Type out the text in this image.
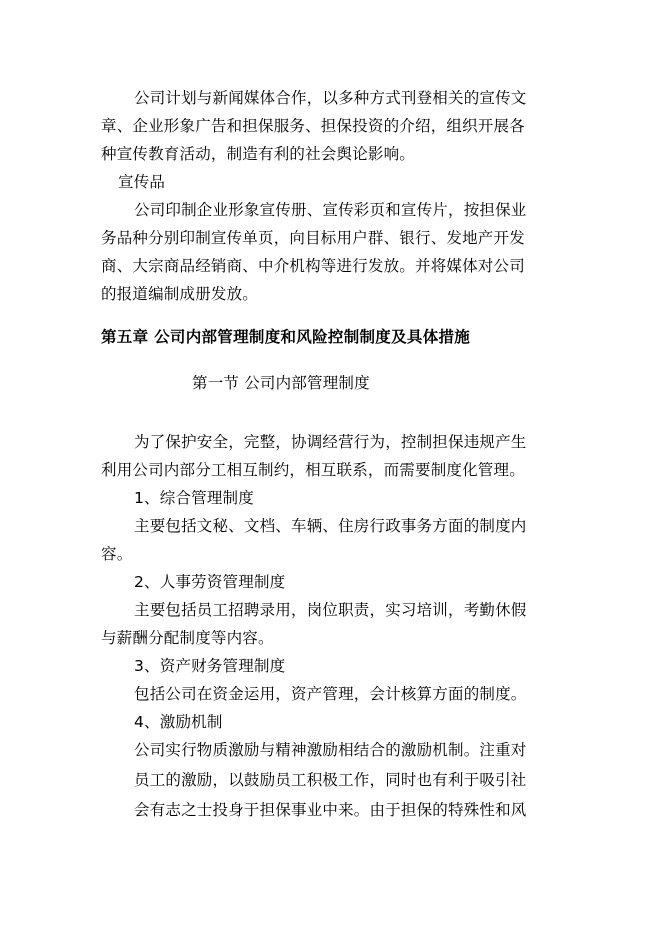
公司计划与新闻媒体合作，以多种方式刊登相关的宣传文
章、企业形象广告和担保服务、担保投资的介绍，组织开展各
种宣传教育活动，制造有利的社会舆论影响。
宣传品
公司印制企业形象宣传册、宣传彩页和宣传片，按担保业
务品种分别印制宣传单页，向目标用户群、银行、发地产开发
商、大宗商品经销商、中介机构等进行发放。并将媒体对公司
的报道编制成册发放。
第五章 公司内部管理制度和风险控制制度及具体措施
第一节 公司内部管理制度
为了保护安全，完整，协调经营行为，控制担保违规产生
利用公司内部分工相互制约，相互联系，而需要制度化管理。
1、综合管理制度
主要包括文秘、文档、车辆、住房行政事务方面的制度内
容。
2、人事劳资管理制度
主要包括员工招聘录用，岗位职责，实习培训，考勤休假
与薪酬分配制度等内容。
3、资产财务管理制度
包括公司在资金运用，资产管理，会计核算方面的制度。
4、激励机制
公司实行物质激励与精神激励相结合的激励机制。注重对
员工的激励，以鼓励员工积极工作，同时也有利于吸引社
会有志之士投身于担保事业中来。由于担保的特殊性和风
